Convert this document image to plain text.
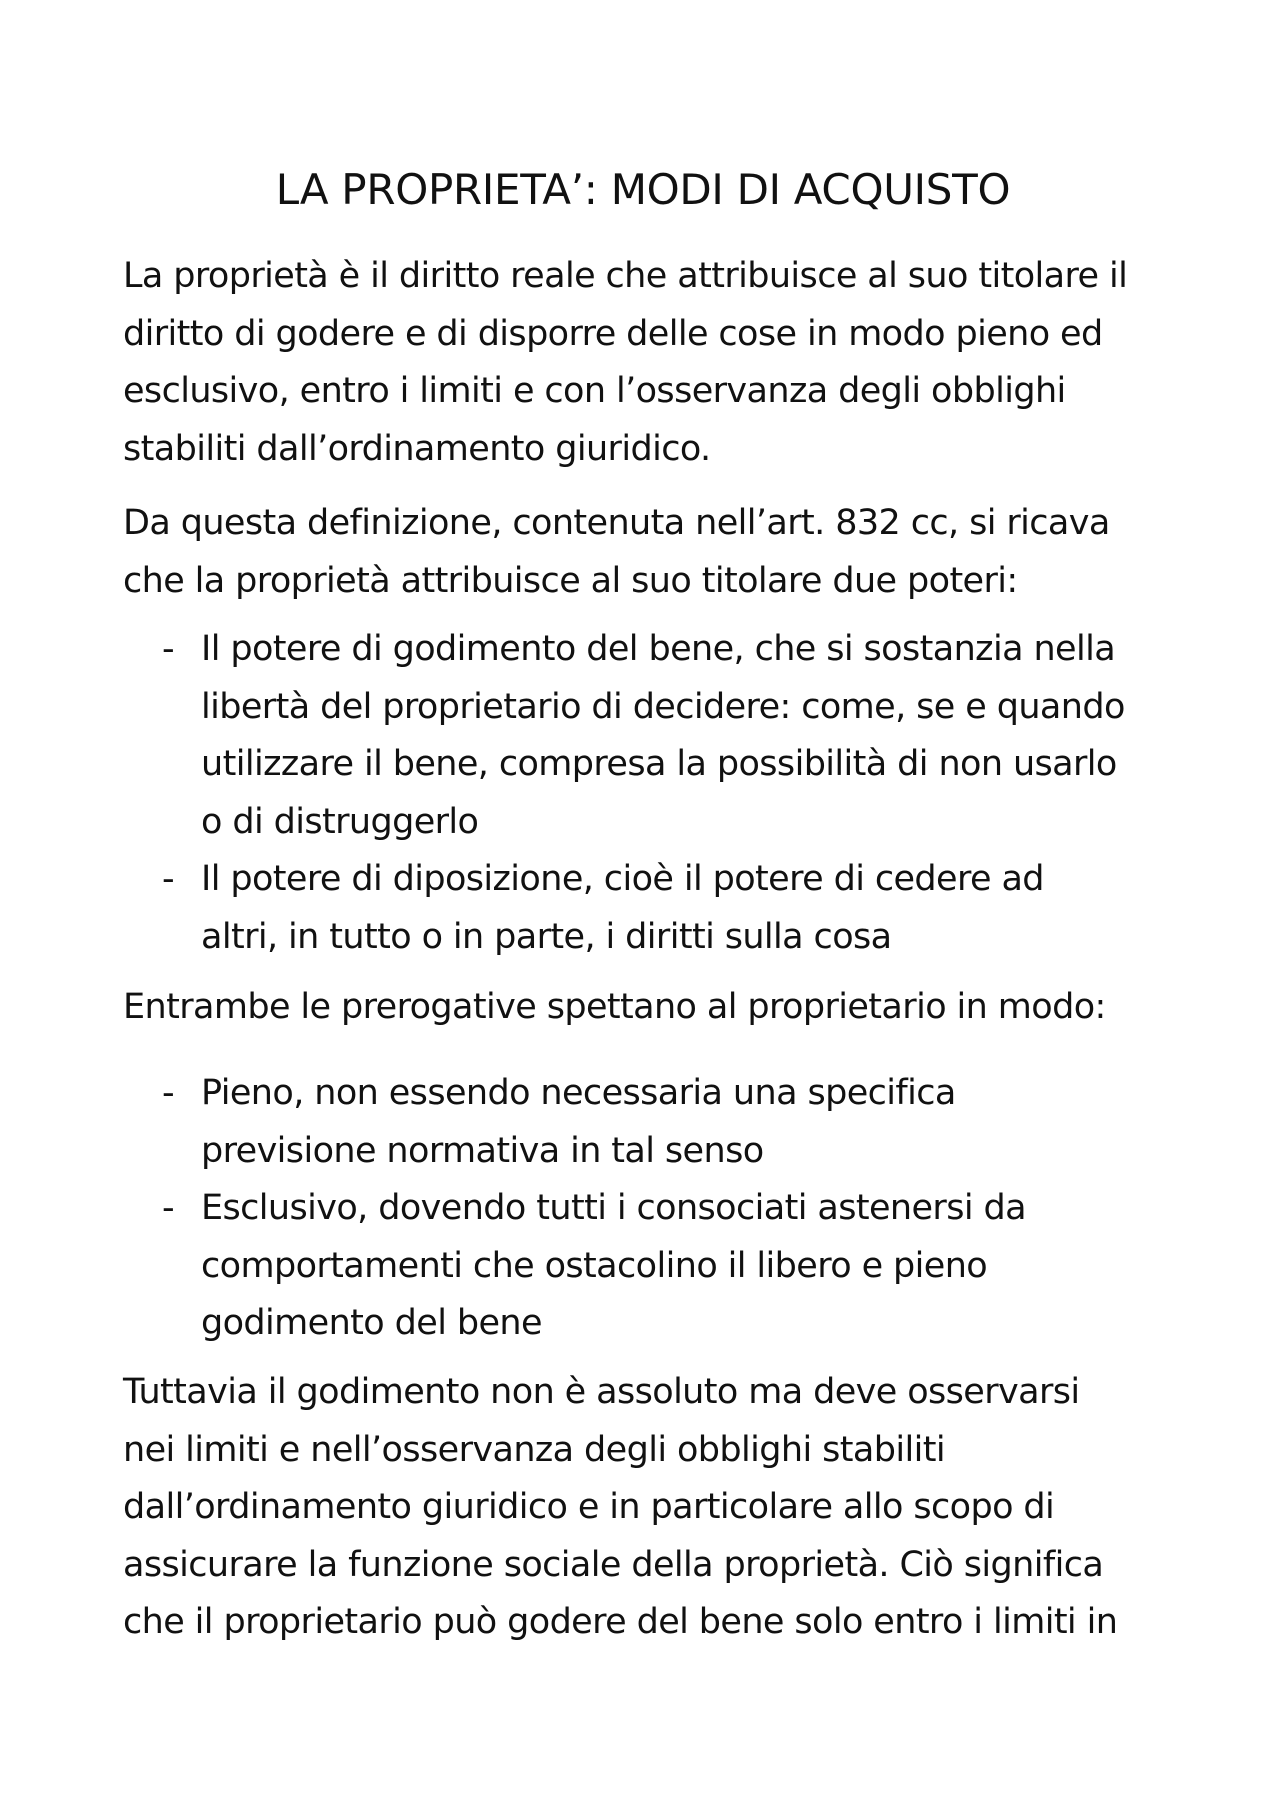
LA PROPRIETA’: MODI DI ACQUISTO

La proprietà è il diritto reale che attribuisce al suo titolare il
diritto di godere e di disporre delle cose in modo pieno ed
esclusivo, entro i limiti e con l’osservanza degli obblighi
stabiliti dall’ordinamento giuridico.

Da questa definizione, contenuta nell’art. 832 cc, si ricava
che la proprietà attribuisce al suo titolare due poteri:

- Il potere di godimento del bene, che si sostanzia nella
libertà del proprietario di decidere: come, se e quando
utilizzare il bene, compresa la possibilità di non usarlo
o di distruggerlo

- Il potere di diposizione, cioè il potere di cedere ad
altri, in tutto o in parte, i diritti sulla cosa

Entrambe le prerogative spettano al proprietario in modo:

- Pieno, non essendo necessaria una specifica
previsione normativa in tal senso

- Esclusivo, dovendo tutti i consociati astenersi da
comportamenti che ostacolino il libero e pieno
godimento del bene

Tuttavia il godimento non è assoluto ma deve osservarsi
nei limiti e nell’osservanza degli obblighi stabiliti
dall’ordinamento giuridico e in particolare allo scopo di
assicurare la funzione sociale della proprietà. Ciò significa
che il proprietario può godere del bene solo entro i limiti in
